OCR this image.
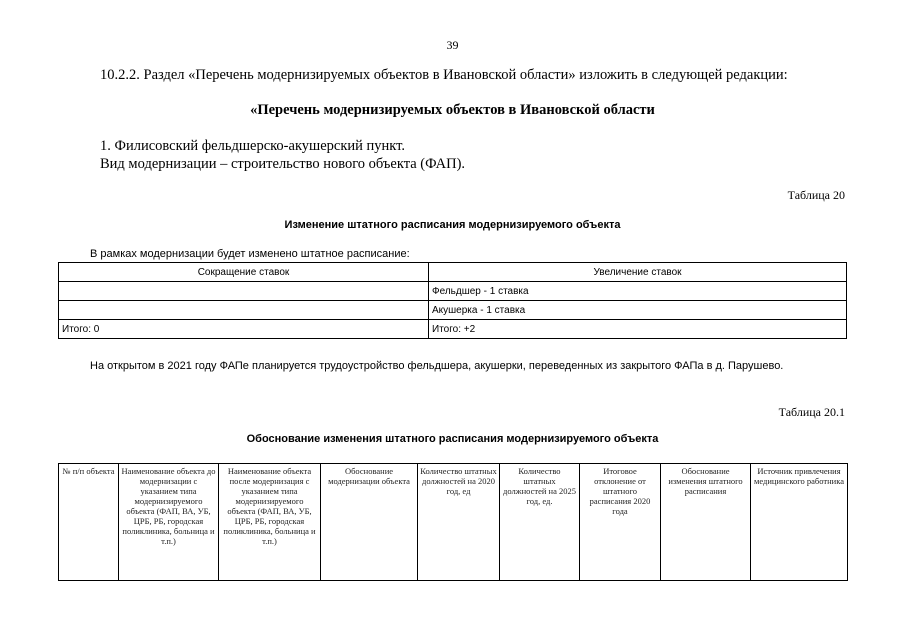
39
10.2.2. Раздел «Перечень модернизируемых объектов в Ивановской области» изложить в следующей редакции:
«Перечень модернизируемых объектов в Ивановской области
1. Филисовский фельдшерско-акушерский пункт.
Вид модернизации – строительство нового объекта (ФАП).
Таблица 20
Изменение штатного расписания модернизируемого объекта
В рамках модернизации будет изменено штатное расписание:
Сокращение ставок	Увеличение ставок
	Фельдшер - 1 ставка
	Акушерка - 1 ставка
Итого: 0	Итого: +2
На открытом в 2021 году ФАПе планируется трудоустройство фельдшера, акушерки, переведенных из закрытого ФАПа в д. Парушево.
Таблица 20.1
Обоснование изменения штатного расписания модернизируемого объекта
№ п/п объекта	Наименование объекта до модернизации с указанием типа модернизируемого объекта (ФАП, ВА, УБ, ЦРБ, РБ, городская поликлиника, больница и т.п.)	Наименование объекта после модернизация с указанием типа модернизируемого объекта (ФАП, ВА, УБ, ЦРБ, РБ, городская поликлиника, больница и т.п.)	Обоснование модернизации объекта	Количество штатных должностей на 2020 год, ед	Количество штатных должностей на 2025 год, ед.	Итоговое отклонение от штатного расписания 2020 года	Обоснование изменения штатного расписания	Источник привлечения медицинского работника
